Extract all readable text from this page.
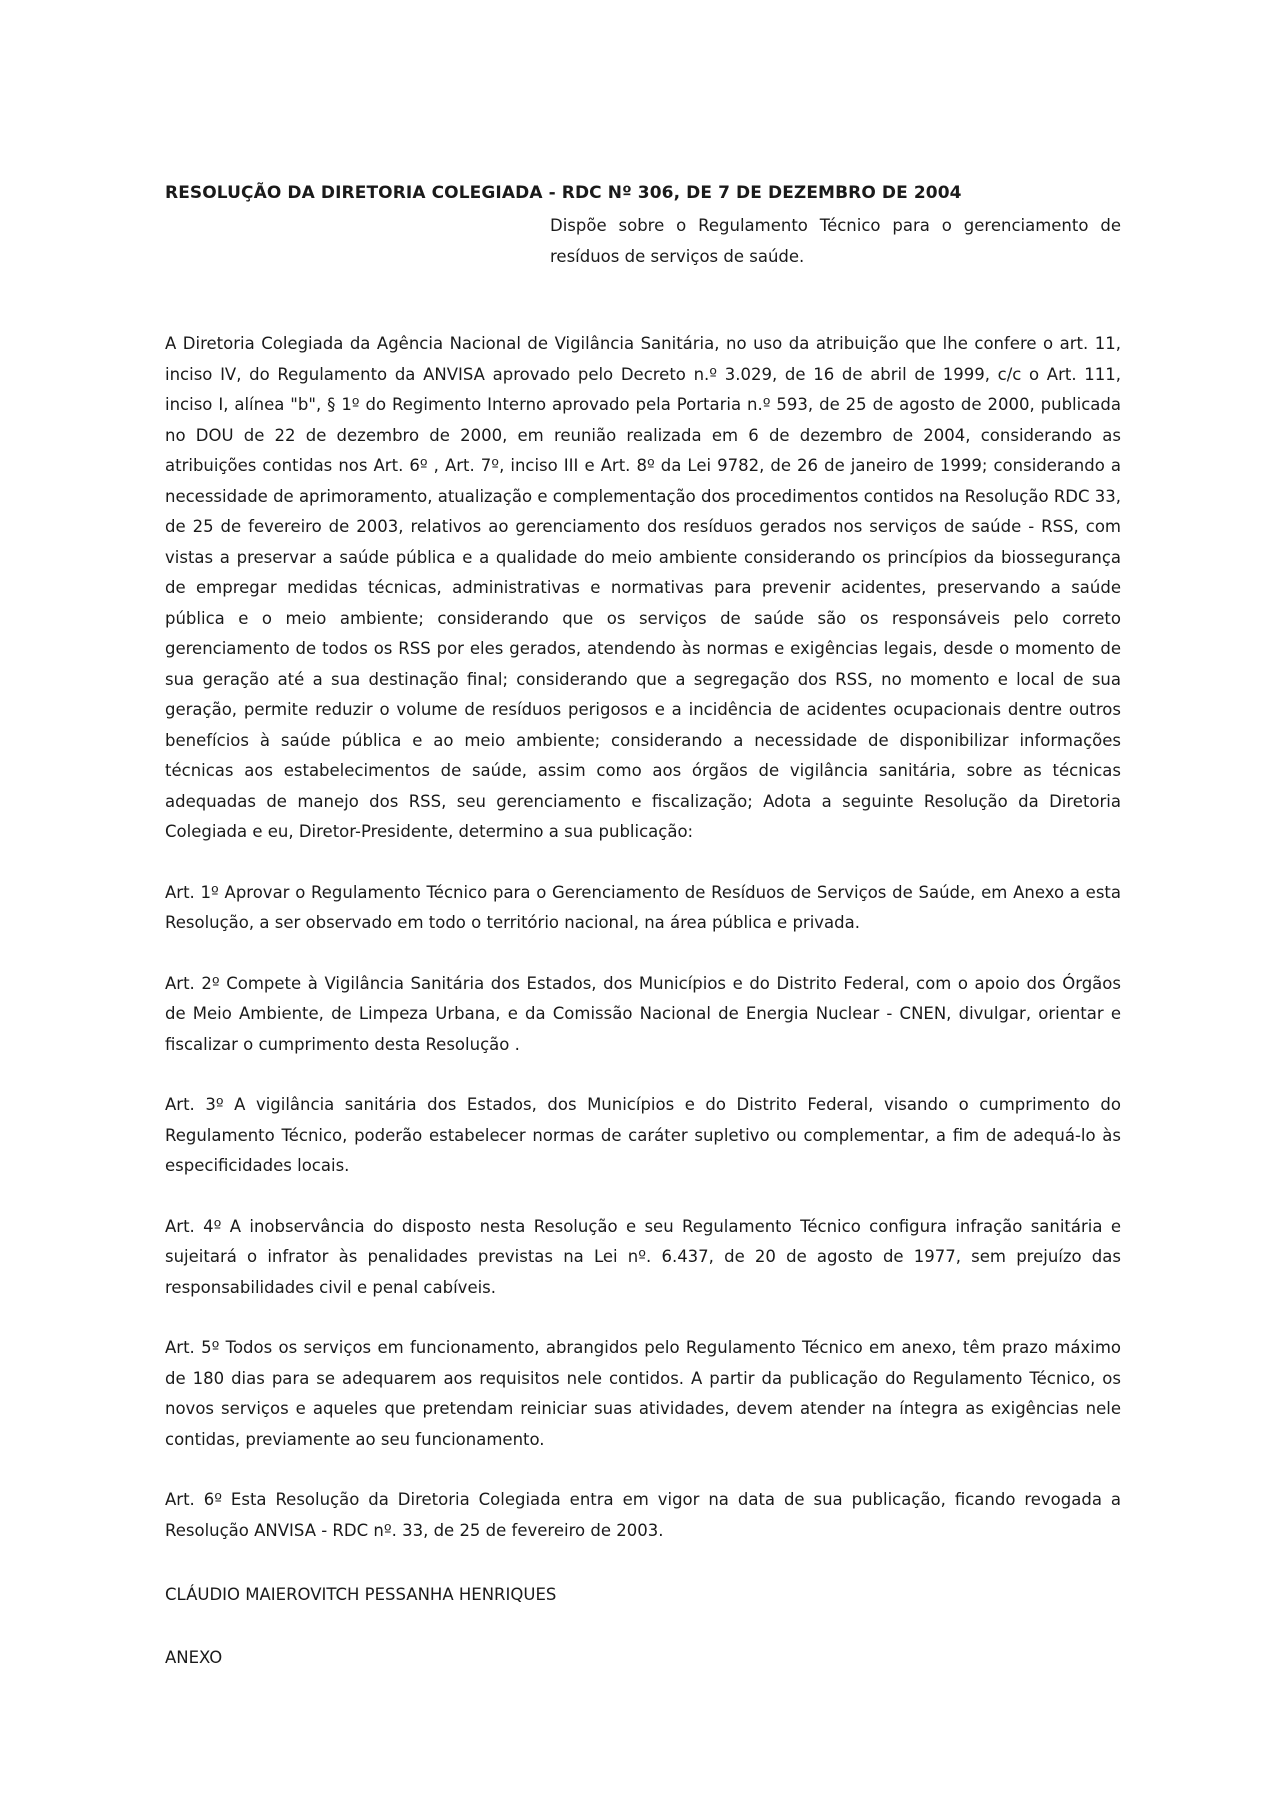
RESOLUÇÃO DA DIRETORIA COLEGIADA - RDC Nº 306, DE 7 DE DEZEMBRO DE 2004

Dispõe sobre o Regulamento Técnico para o gerenciamento de resíduos de serviços de saúde.

A Diretoria Colegiada da Agência Nacional de Vigilância Sanitária, no uso da atribuição que lhe confere o art. 11, inciso IV, do Regulamento da ANVISA aprovado pelo Decreto n.º 3.029, de 16 de abril de 1999, c/c o Art. 111, inciso I, alínea "b", § 1º do Regimento Interno aprovado pela Portaria n.º 593, de 25 de agosto de 2000, publicada no DOU de 22 de dezembro de 2000, em reunião realizada em 6 de dezembro de 2004, considerando as atribuições contidas nos Art. 6º , Art. 7º, inciso III e Art. 8º da Lei 9782, de 26 de janeiro de 1999; considerando a necessidade de aprimoramento, atualização e complementação dos procedimentos contidos na Resolução RDC 33, de 25 de fevereiro de 2003, relativos ao gerenciamento dos resíduos gerados nos serviços de saúde - RSS, com vistas a preservar a saúde pública e a qualidade do meio ambiente considerando os princípios da biossegurança de empregar medidas técnicas, administrativas e normativas para prevenir acidentes, preservando a saúde pública e o meio ambiente; considerando que os serviços de saúde são os responsáveis pelo correto gerenciamento de todos os RSS por eles gerados, atendendo às normas e exigências legais, desde o momento de sua geração até a sua destinação final; considerando que a segregação dos RSS, no momento e local de sua geração, permite reduzir o volume de resíduos perigosos e a incidência de acidentes ocupacionais dentre outros benefícios à saúde pública e ao meio ambiente; considerando a necessidade de disponibilizar informações técnicas aos estabelecimentos de saúde, assim como aos órgãos de vigilância sanitária, sobre as técnicas adequadas de manejo dos RSS, seu gerenciamento e fiscalização; Adota a seguinte Resolução da Diretoria Colegiada e eu, Diretor-Presidente, determino a sua publicação:

Art. 1º Aprovar o Regulamento Técnico para o Gerenciamento de Resíduos de Serviços de Saúde, em Anexo a esta Resolução, a ser observado em todo o território nacional, na área pública e privada.

Art. 2º Compete à Vigilância Sanitária dos Estados, dos Municípios e do Distrito Federal, com o apoio dos Órgãos de Meio Ambiente, de Limpeza Urbana, e da Comissão Nacional de Energia Nuclear - CNEN, divulgar, orientar e fiscalizar o cumprimento desta Resolução .

Art. 3º A vigilância sanitária dos Estados, dos Municípios e do Distrito Federal, visando o cumprimento do Regulamento Técnico, poderão estabelecer normas de caráter supletivo ou complementar, a fim de adequá-lo às especificidades locais.

Art. 4º A inobservância do disposto nesta Resolução e seu Regulamento Técnico configura infração sanitária e sujeitará o infrator às penalidades previstas na Lei nº. 6.437, de 20 de agosto de 1977, sem prejuízo das responsabilidades civil e penal cabíveis.

Art. 5º Todos os serviços em funcionamento, abrangidos pelo Regulamento Técnico em anexo, têm prazo máximo de 180 dias para se adequarem aos requisitos nele contidos. A partir da publicação do Regulamento Técnico, os novos serviços e aqueles que pretendam reiniciar suas atividades, devem atender na íntegra as exigências nele contidas, previamente ao seu funcionamento.

Art. 6º Esta Resolução da Diretoria Colegiada entra em vigor na data de sua publicação, ficando revogada a Resolução ANVISA - RDC nº. 33, de 25 de fevereiro de 2003.

CLÁUDIO MAIEROVITCH PESSANHA HENRIQUES

ANEXO
